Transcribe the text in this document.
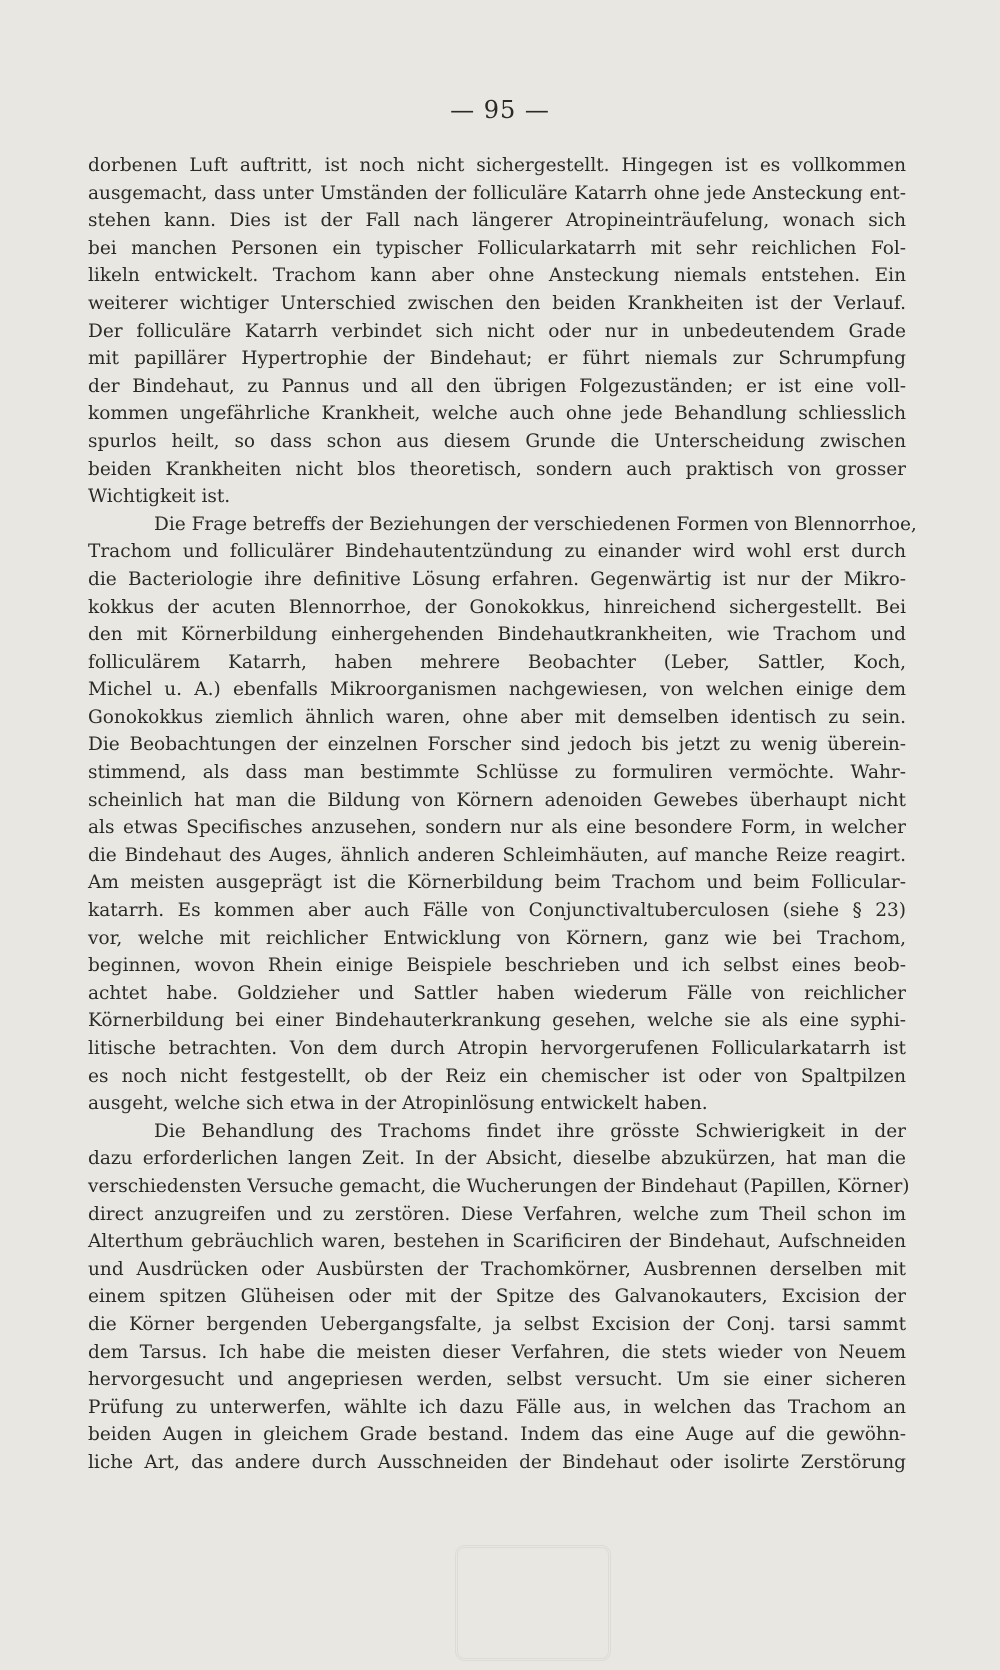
— 95 —
dorbenen Luft auftritt, ist noch nicht sichergestellt. Hingegen ist es vollkommen
ausgemacht, dass unter Umständen der folliculäre Katarrh ohne jede Ansteckung ent-
stehen kann. Dies ist der Fall nach längerer Atropineinträufelung, wonach sich
bei manchen Personen ein typischer Follicularkatarrh mit sehr reichlichen Fol-
likeln entwickelt. Trachom kann aber ohne Ansteckung niemals entstehen. Ein
weiterer wichtiger Unterschied zwischen den beiden Krankheiten ist der Verlauf.
Der folliculäre Katarrh verbindet sich nicht oder nur in unbedeutendem Grade
mit papillärer Hypertrophie der Bindehaut; er führt niemals zur Schrumpfung
der Bindehaut, zu Pannus und all den übrigen Folgezuständen; er ist eine voll-
kommen ungefährliche Krankheit, welche auch ohne jede Behandlung schliesslich
spurlos heilt, so dass schon aus diesem Grunde die Unterscheidung zwischen
beiden Krankheiten nicht blos theoretisch, sondern auch praktisch von grosser
Wichtigkeit ist.
Die Frage betreffs der Beziehungen der verschiedenen Formen von Blennorrhoe,
Trachom und folliculärer Bindehautentzündung zu einander wird wohl erst durch
die Bacteriologie ihre definitive Lösung erfahren. Gegenwärtig ist nur der Mikro-
kokkus der acuten Blennorrhoe, der Gonokokkus, hinreichend sichergestellt. Bei
den mit Körnerbildung einhergehenden Bindehautkrankheiten, wie Trachom und
folliculärem Katarrh, haben mehrere Beobachter (Leber, Sattler, Koch,
Michel u. A.) ebenfalls Mikroorganismen nachgewiesen, von welchen einige dem
Gonokokkus ziemlich ähnlich waren, ohne aber mit demselben identisch zu sein.
Die Beobachtungen der einzelnen Forscher sind jedoch bis jetzt zu wenig überein-
stimmend, als dass man bestimmte Schlüsse zu formuliren vermöchte. Wahr-
scheinlich hat man die Bildung von Körnern adenoiden Gewebes überhaupt nicht
als etwas Specifisches anzusehen, sondern nur als eine besondere Form, in welcher
die Bindehaut des Auges, ähnlich anderen Schleimhäuten, auf manche Reize reagirt.
Am meisten ausgeprägt ist die Körnerbildung beim Trachom und beim Follicular-
katarrh. Es kommen aber auch Fälle von Conjunctivaltuberculosen (siehe § 23)
vor, welche mit reichlicher Entwicklung von Körnern, ganz wie bei Trachom,
beginnen, wovon Rhein einige Beispiele beschrieben und ich selbst eines beob-
achtet habe. Goldzieher und Sattler haben wiederum Fälle von reichlicher
Körnerbildung bei einer Bindehauterkrankung gesehen, welche sie als eine syphi-
litische betrachten. Von dem durch Atropin hervorgerufenen Follicularkatarrh ist
es noch nicht festgestellt, ob der Reiz ein chemischer ist oder von Spaltpilzen
ausgeht, welche sich etwa in der Atropinlösung entwickelt haben.
Die Behandlung des Trachoms findet ihre grösste Schwierigkeit in der
dazu erforderlichen langen Zeit. In der Absicht, dieselbe abzukürzen, hat man die
verschiedensten Versuche gemacht, die Wucherungen der Bindehaut (Papillen, Körner)
direct anzugreifen und zu zerstören. Diese Verfahren, welche zum Theil schon im
Alterthum gebräuchlich waren, bestehen in Scarificiren der Bindehaut, Aufschneiden
und Ausdrücken oder Ausbürsten der Trachomkörner, Ausbrennen derselben mit
einem spitzen Glüheisen oder mit der Spitze des Galvanokauters, Excision der
die Körner bergenden Uebergangsfalte, ja selbst Excision der Conj. tarsi sammt
dem Tarsus. Ich habe die meisten dieser Verfahren, die stets wieder von Neuem
hervorgesucht und angepriesen werden, selbst versucht. Um sie einer sicheren
Prüfung zu unterwerfen, wählte ich dazu Fälle aus, in welchen das Trachom an
beiden Augen in gleichem Grade bestand. Indem das eine Auge auf die gewöhn-
liche Art, das andere durch Ausschneiden der Bindehaut oder isolirte Zerstörung
